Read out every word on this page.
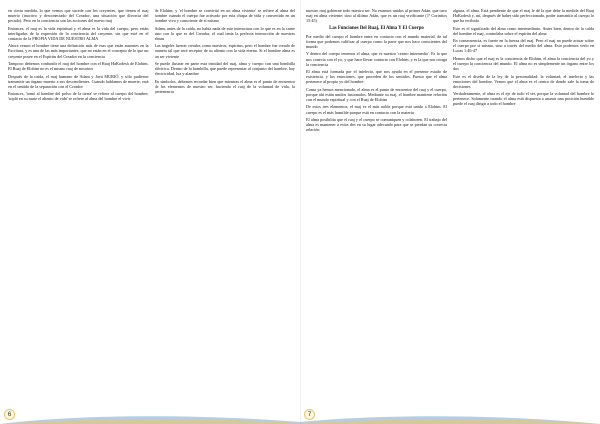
en cierta medida, lo que vemos que sucede con los creyentes, que tienen el ruaj muerto (inactivo y desconectado del Creador, una situación que divorcia del pecado). Pero en la conciencia son las acciones del nuevo ruaj

Entonces, el ruaj es la vida espiritual y el alma es la vida del cuerpo, pero están interligadas de la expresión de la conciencia del creyente, sin que esté en el contacto de la PROPIA VIDA DE NUESTRO ALMA

Ahora vemos el hombre tiene una definición más de esas que están ausentes en la Escritura, y es una de las más importantes, que no están en el concepto de lo que un creyente posee en el Espíritu del Creador en la conciencia

Tampoco debemos confundir el ruaj del hombre con el Ruaj HaKodesh de Elohim. El Ruaj de Elohim no es el mismo ruaj de nosotros

Después de la caída, el ruaj humano de Adam y Javá MURIÓ, y sólo pudieron transmitir un órgano muerto a sus descendientes. Cuando hablamos de muerte, está en el sentido de la separación con el Creador

Entonces, 'tomó al hombre del polvo de la tierra' se refiere al cuerpo del hombre; 'sopló en su nariz el aliento de vida' se refiere al alma del hombre el vivir

de Elohim; y 'el hombre se convirtió en un alma viviente' se refiere al alma del hombre cuando el cuerpo fue activado por esta chispa de vida y convertido en un hombre vivo y consciente de sí mismo

Adam, antes de la caída, no había nada de este interactuar con lo que es en la carne sino con lo que es del Creador, el cual tenía la perfecta interacción de nuestras almas

Las ángeles fueron creados como nuestros, espíritus, pero el hombre fue creado de manera tal que será receptor de su aliento con la vida eterna. Si el hombre alma es un ser viviente

Se puede ilustrar en parte esta trinidad del ruaj, alma y cuerpo con una bombilla eléctrica. Dentro de la bombilla, que puede representar al conjunto del hombre, hay electricidad, luz y alambre

En símbolos, debemos recordar bien que mientras el alma es el punto de encuentro de los elementos de nuestro ser, haciendo el ruaj de la voluntad de vida, la pertenencia

6

nuestro ruaj gobierne todo nuestro ser. No estamos unidos al primer Adán, que tuvo ruaj en alma viviente; sino al último Adán, que es un ruaj vivificante (1ª Corintios 15:45)

Las Funciones Del Ruaj, El Alma Y El Cuerpo

Por medio del cuerpo el hombre entra en contacto con el mundo material, de tal forma que podemos calificar al cuerpo como la parte que nos hace conscientes del mundo

Y dentro del cuerpo tenemos el alma, que es nuestro 'centro intermedio'. Es la que nos conecta con el yo, y que hace llevar contacto con Elohim, y es la que nos otorga la conciencia

El alma está formada por el intelecto, que nos ayuda en el presente estado de existencia, y los emociones, que proceden de los sentidos. Puesto que el alma pertenece al propio yo del hombre

Como ya hemos mencionado, el alma es el punto de encuentro del ruaj y el cuerpo, porque ahí están unidos fusionados. Mediante su ruaj, el hombre mantiene relación con el mundo espiritual y con el Ruaj de Elohim

De estos tres elementos, el ruaj es el más noble porque está unido a Elohim. El cuerpo es el más humilde porque está en contacto con la materia

El alma posibilita que el ruaj y el cuerpo se comuniquen y colaboren. El trabajo del alma es mantener a estos dos en su lugar adecuado para que se pierdan su correcta relación

alguna, el alma. Está pendiente de que el ruaj le dé la que debe la medida del Ruaj HaKodesh y, así, después de haber sido perfeccionado, poder transmitir al cuerpo lo que ha recibido

Este es el significado del alma como intermediario. Antes bien, dentro de la caída del hombre el ruaj, controlaba sobre el espíritu del alma

En consecuencia, es fuerte en la fuerza del ruaj. Pero el ruaj no puede actuar sobre el cuerpo por sí mismo, sino a través del medio del alma. Esto podemos verlo en Lucas 1:46-47

Hemos dicho que el ruaj es la conciencia de Elohim, el alma la conciencia del yo y el cuerpo la conciencia del mundo. El alma no es simplemente un órgano entre los dos

Este es el diseño de la ley de la personalidad: la voluntad, el intelecto y las emociones del hombre. Vemos que el alma es el centro de donde sale la toma de decisiones

Verdaderamente, el alma es el eje de todo el ser, porque la voluntad del hombre le pertenece. Solamente cuando el alma está dispuesta a asumir una posición humilde puede el ruaj dirigir a todo el hombre

7
